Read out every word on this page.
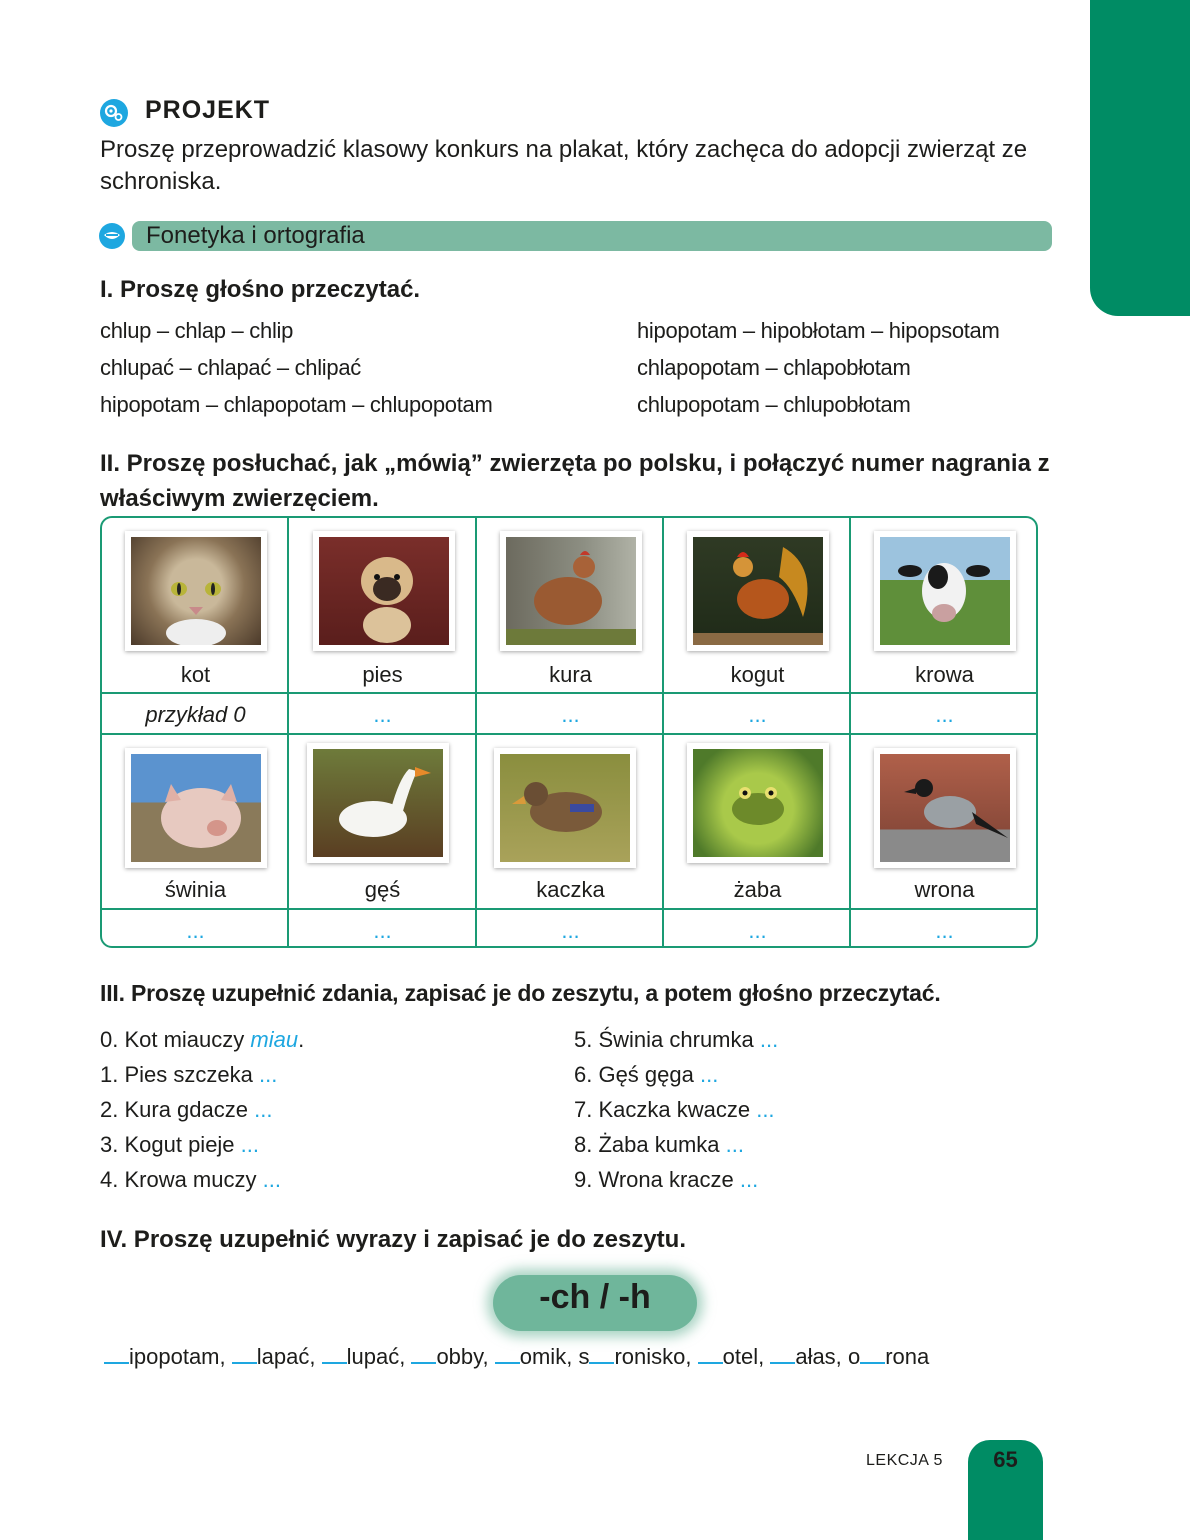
PROJEKT
Proszę przeprowadzić klasowy konkurs na plakat, który zachęca do adopcji zwierząt ze schroniska.
Fonetyka i ortografia
I. Proszę głośno przeczytać.
chlup – chlap – chlip
chlupać – chlapać – chlipać
hipopotam – chlapopotam – chlupopotam
hipopotam – hipobłotam – hipopsotam
chlapopotam – chlapobłotam
chlupopotam – chlupobłotam
II. Proszę posłuchać, jak „mówią” zwierzęta po polsku, i połączyć numer nagrania z właściwym zwierzęciem.
kot	pies	kura	kogut	krowa
przykład 0	...	...	...	...
świnia	gęś	kaczka	żaba	wrona
...	...	...	...	...
III. Proszę uzupełnić zdania, zapisać je do zeszytu, a potem głośno przeczytać.
0. Kot miauczy miau.
1. Pies szczeka ...
2. Kura gdacze ...
3. Kogut pieje ...
4. Krowa muczy ...
5. Świnia chrumka ...
6. Gęś gęga ...
7. Kaczka kwacze ...
8. Żaba kumka ...
9. Wrona kracze ...
IV. Proszę uzupełnić wyrazy i zapisać je do zeszytu.
-ch / -h
ipopotam, lapać, lupać, obby, omik, s ronisko, otel, ałas, o rona
LEKCJA 5	65
